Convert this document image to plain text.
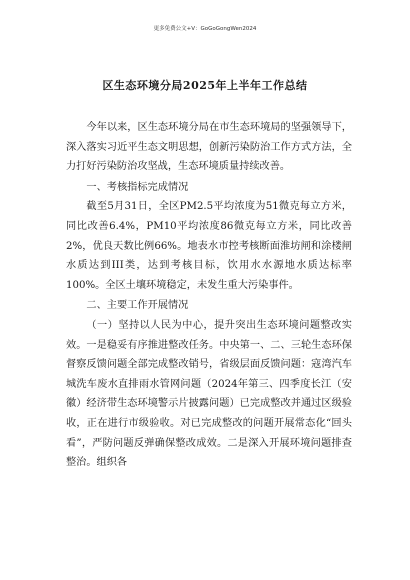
更多免费公文+V：GoGoGongWen2024
区生态环境分局2025年上半年工作总结

今年以来，区生态环境分局在市生态环境局的坚强领导下，深入落实习近平生态文明思想，创新污染防治工作方式方法，全力打好污染防治攻坚战，生态环境质量持续改善。

一、考核指标完成情况

截至5月31日，全区PM2.5平均浓度为51微克每立方米，同比改善6.4%，PM10平均浓度86微克每立方米，同比改善2%，优良天数比例66%。地表水市控考核断面淮坊闸和涂楼闸水质达到III类，达到考核目标，饮用水水源地水质达标率100%。全区土壤环境稳定，未发生重大污染事件。

二、主要工作开展情况

（一）坚持以人民为中心，提升突出生态环境问题整改实效。一是稳妥有序推进整改任务。中央第一、二、三轮生态环保督察反馈问题全部完成整改销号，省级层面反馈问题：寇湾汽车城洗车废水直排雨水管网问题（2024年第三、四季度长江（安徽）经济带生态环境警示片披露问题）已完成整改并通过区级验收，正在进行市级验收。对已完成整改的问题开展常态化“回头看”，严防问题反弹确保整改成效。二是深入开展环境问题排查整治。组织各
